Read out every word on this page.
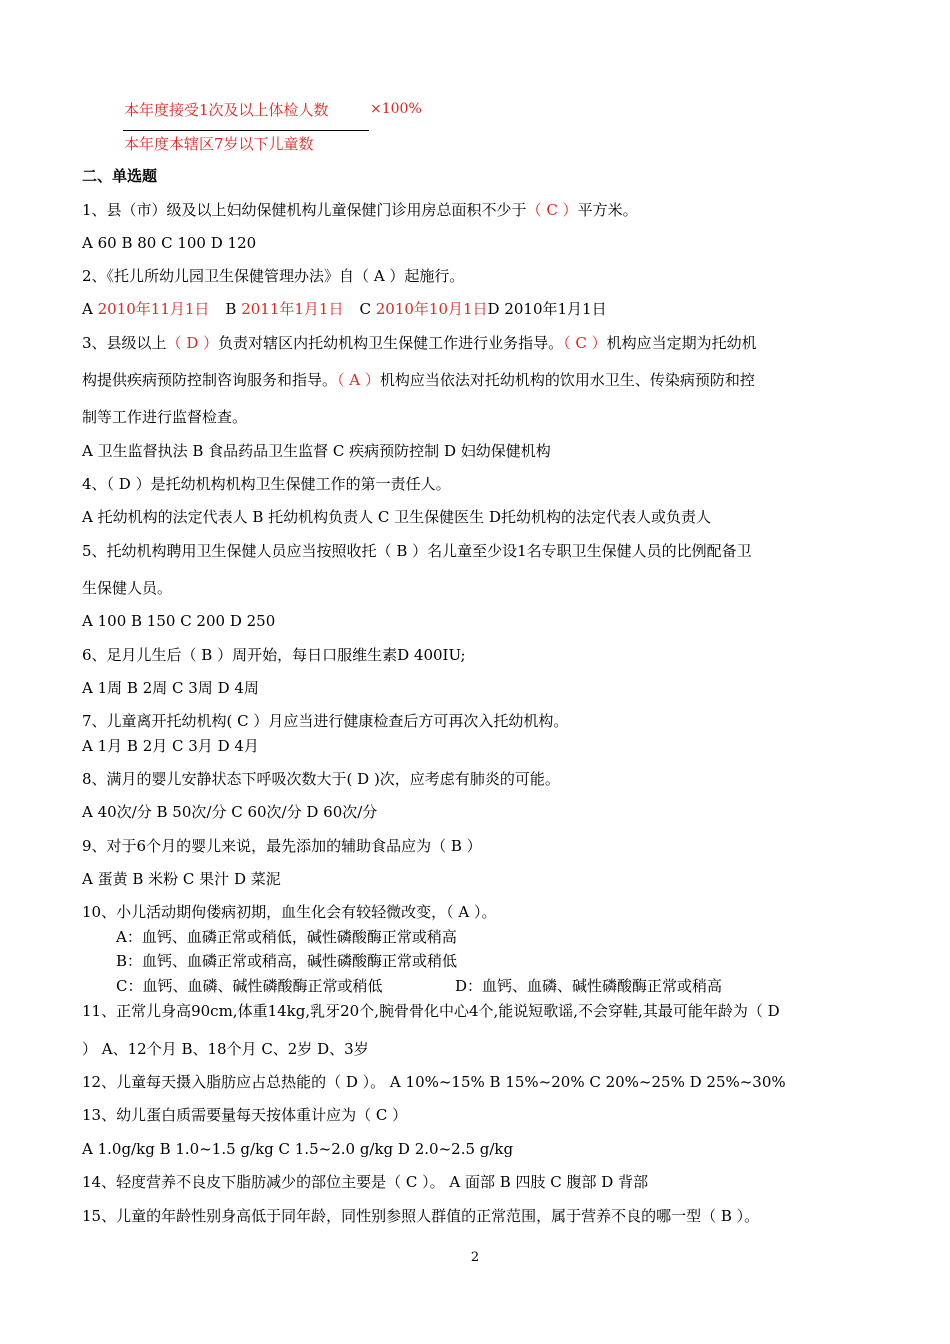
本年度接受1次及以上体检人数	×100%
本年度本辖区7岁以下儿童数
二、单选题
1、县（市）级及以上妇幼保健机构儿童保健门诊用房总面积不少于（ C ）平方米。
A 60 B 80 C 100 D 120
2、《托儿所幼儿园卫生保健管理办法》自（ A ）起施行。
A 2010年11月1日 B 2011年1月1日 C 2010年10月1日D 2010年1月1日
3、县级以上（ D ）负责对辖区内托幼机构卫生保健工作进行业务指导。（ C ）机构应当定期为托幼机
构提供疾病预防控制咨询服务和指导。（ A ）机构应当依法对托幼机构的饮用水卫生、传染病预防和控
制等工作进行监督检查。
A 卫生监督执法 B 食品药品卫生监督 C 疾病预防控制 D 妇幼保健机构
4、（ D ）是托幼机构机构卫生保健工作的第一责任人。
A 托幼机构的法定代表人 B 托幼机构负责人 C 卫生保健医生 D托幼机构的法定代表人或负责人
5、托幼机构聘用卫生保健人员应当按照收托（ B ）名儿童至少设1名专职卫生保健人员的比例配备卫
生保健人员。
A 100 B 150 C 200 D 250
6、足月儿生后（ B ）周开始，每日口服维生素D 400IU;
A 1周 B 2周 C 3周 D 4周
7、儿童离开托幼机构( C ）月应当进行健康检查后方可再次入托幼机构。
A 1月 B 2月 C 3月 D 4月
8、满月的婴儿安静状态下呼吸次数大于( D )次，应考虑有肺炎的可能。
A 40次/分 B 50次/分 C 60次/分 D 60次/分
9、对于6个月的婴儿来说，最先添加的辅助食品应为（ B ）
A 蛋黄 B 米粉 C 果汁 D 菜泥
10、小儿活动期佝偻病初期，血生化会有较轻微改变，（ A ）。
A：血钙、血磷正常或稍低，碱性磷酸酶正常或稍高
B：血钙、血磷正常或稍高，碱性磷酸酶正常或稍低
C：血钙、血磷、碱性磷酸酶正常或稍低	D：血钙、血磷、碱性磷酸酶正常或稍高
11、正常儿身高90cm,体重14kg,乳牙20个,腕骨骨化中心4个,能说短歌谣,不会穿鞋,其最可能年龄为（ D
） A、12个月 B、18个月 C、2岁 D、3岁
12、儿童每天摄入脂肪应占总热能的（ D ）。 A 10%~15% B 15%~20% C 20%~25% D 25%~30%
13、幼儿蛋白质需要量每天按体重计应为（ C ）
A 1.0g/kg B 1.0~1.5 g/kg C 1.5~2.0 g/kg D 2.0~2.5 g/kg
14、轻度营养不良皮下脂肪减少的部位主要是（ C ）。 A 面部 B 四肢 C 腹部 D 背部
15、儿童的年龄性别身高低于同年龄，同性别参照人群值的正常范围，属于营养不良的哪一型（ B ）。
2
